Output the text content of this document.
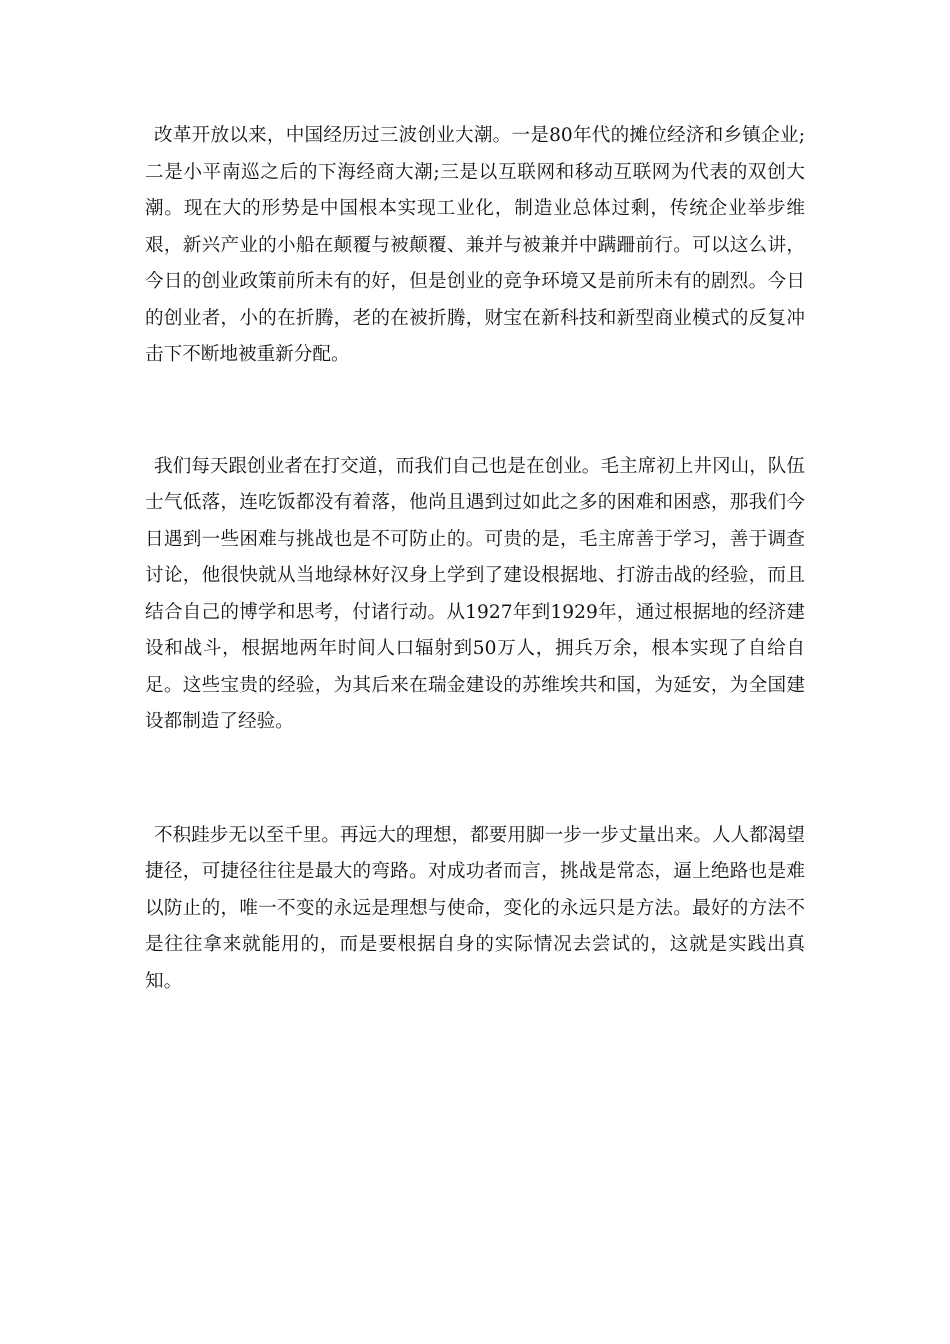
改革开放以来，中国经历过三波创业大潮。一是80年代的摊位经济和乡镇企业;二是小平南巡之后的下海经商大潮;三是以互联网和移动互联网为代表的双创大潮。现在大的形势是中国根本实现工业化，制造业总体过剩，传统企业举步维艰，新兴产业的小船在颠覆与被颠覆、兼并与被兼并中蹒跚前行。可以这么讲，今日的创业政策前所未有的好，但是创业的竞争环境又是前所未有的剧烈。今日的创业者，小的在折腾，老的在被折腾，财宝在新科技和新型商业模式的反复冲击下不断地被重新分配。

我们每天跟创业者在打交道，而我们自己也是在创业。毛主席初上井冈山，队伍士气低落，连吃饭都没有着落，他尚且遇到过如此之多的困难和困惑，那我们今日遇到一些困难与挑战也是不可防止的。可贵的是，毛主席善于学习，善于调查讨论，他很快就从当地绿林好汉身上学到了建设根据地、打游击战的经验，而且结合自己的博学和思考，付诸行动。从1927年到1929年，通过根据地的经济建设和战斗，根据地两年时间人口辐射到50万人，拥兵万余，根本实现了自给自足。这些宝贵的经验，为其后来在瑞金建设的苏维埃共和国，为延安，为全国建设都制造了经验。

不积跬步无以至千里。再远大的理想，都要用脚一步一步丈量出来。人人都渴望捷径，可捷径往往是最大的弯路。对成功者而言，挑战是常态，逼上绝路也是难以防止的，唯一不变的永远是理想与使命，变化的永远只是方法。最好的方法不是往往拿来就能用的，而是要根据自身的实际情况去尝试的，这就是实践出真知。
